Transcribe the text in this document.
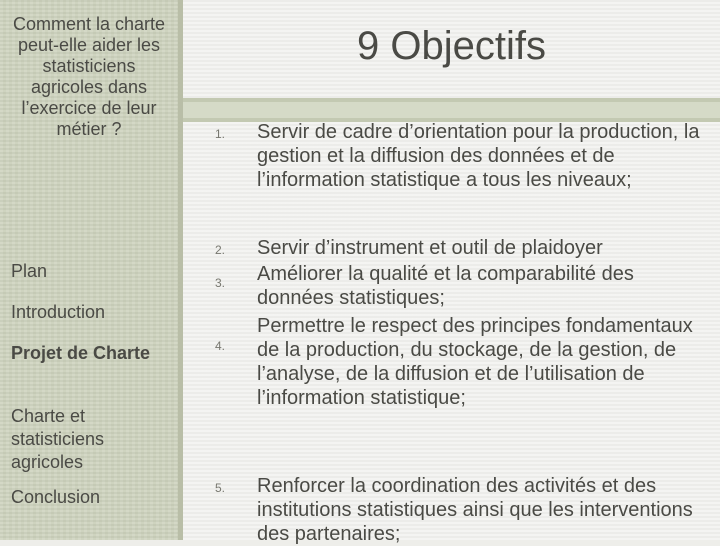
Comment la charte peut-elle aider les statisticiens agricoles dans l’exercice de leur métier ?
Plan
Introduction
Projet de Charte
Charte et statisticiens agricoles
Conclusion
9 Objectifs
1.	Servir de cadre d’orientation pour la production, la gestion et la diffusion des données et de l’information statistique a tous les niveaux;
2.	Servir d’instrument et outil de plaidoyer
3.	Améliorer la qualité et la comparabilité des données statistiques;
4.
Permettre le respect des principes fondamentaux de la production, du stockage, de la gestion, de l’analyse, de la diffusion et de l’utilisation de l’information statistique;
5.	Renforcer la coordination des activités et des institutions statistiques ainsi que les interventions des partenaires;
